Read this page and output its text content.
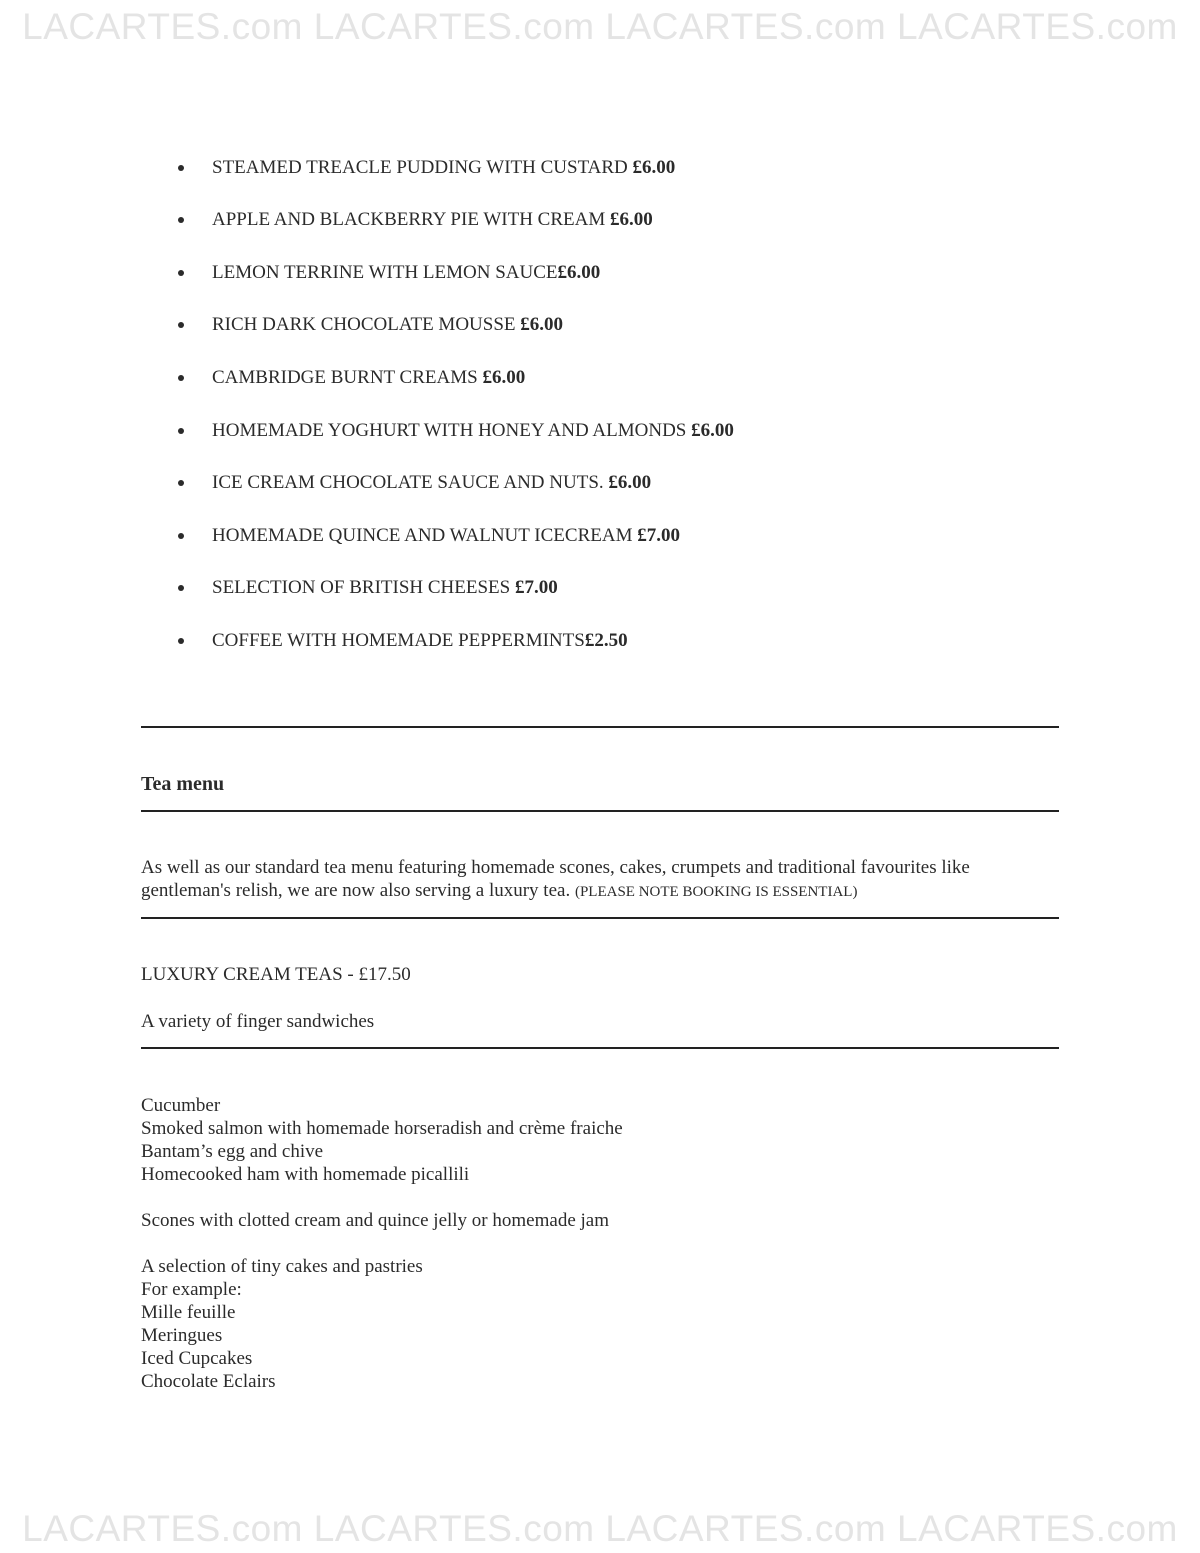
LACARTES.com LACARTES.com LACARTES.com LACARTES.com
STEAMED TREACLE PUDDING WITH CUSTARD £6.00
APPLE AND BLACKBERRY PIE WITH CREAM £6.00
LEMON TERRINE WITH LEMON SAUCE£6.00
RICH DARK CHOCOLATE MOUSSE £6.00
CAMBRIDGE BURNT CREAMS £6.00
HOMEMADE YOGHURT WITH HONEY AND ALMONDS £6.00
ICE CREAM CHOCOLATE SAUCE AND NUTS. £6.00
HOMEMADE QUINCE AND WALNUT ICECREAM £7.00
SELECTION OF BRITISH CHEESES £7.00
COFFEE WITH HOMEMADE PEPPERMINTS£2.50
Tea menu
As well as our standard tea menu featuring homemade scones, cakes, crumpets and traditional favourites like gentleman's relish, we are now also serving a luxury tea. (PLEASE NOTE BOOKING IS ESSENTIAL)
LUXURY CREAM TEAS - £17.50
A variety of finger sandwiches
Cucumber
Smoked salmon with homemade horseradish and crème fraiche
Bantam’s egg and chive
Homecooked ham with homemade picallili
Scones with clotted cream and quince jelly or homemade jam
A selection of tiny cakes and pastries
For example:
Mille feuille
Meringues
Iced Cupcakes
Chocolate Eclairs
LACARTES.com LACARTES.com LACARTES.com LACARTES.com
